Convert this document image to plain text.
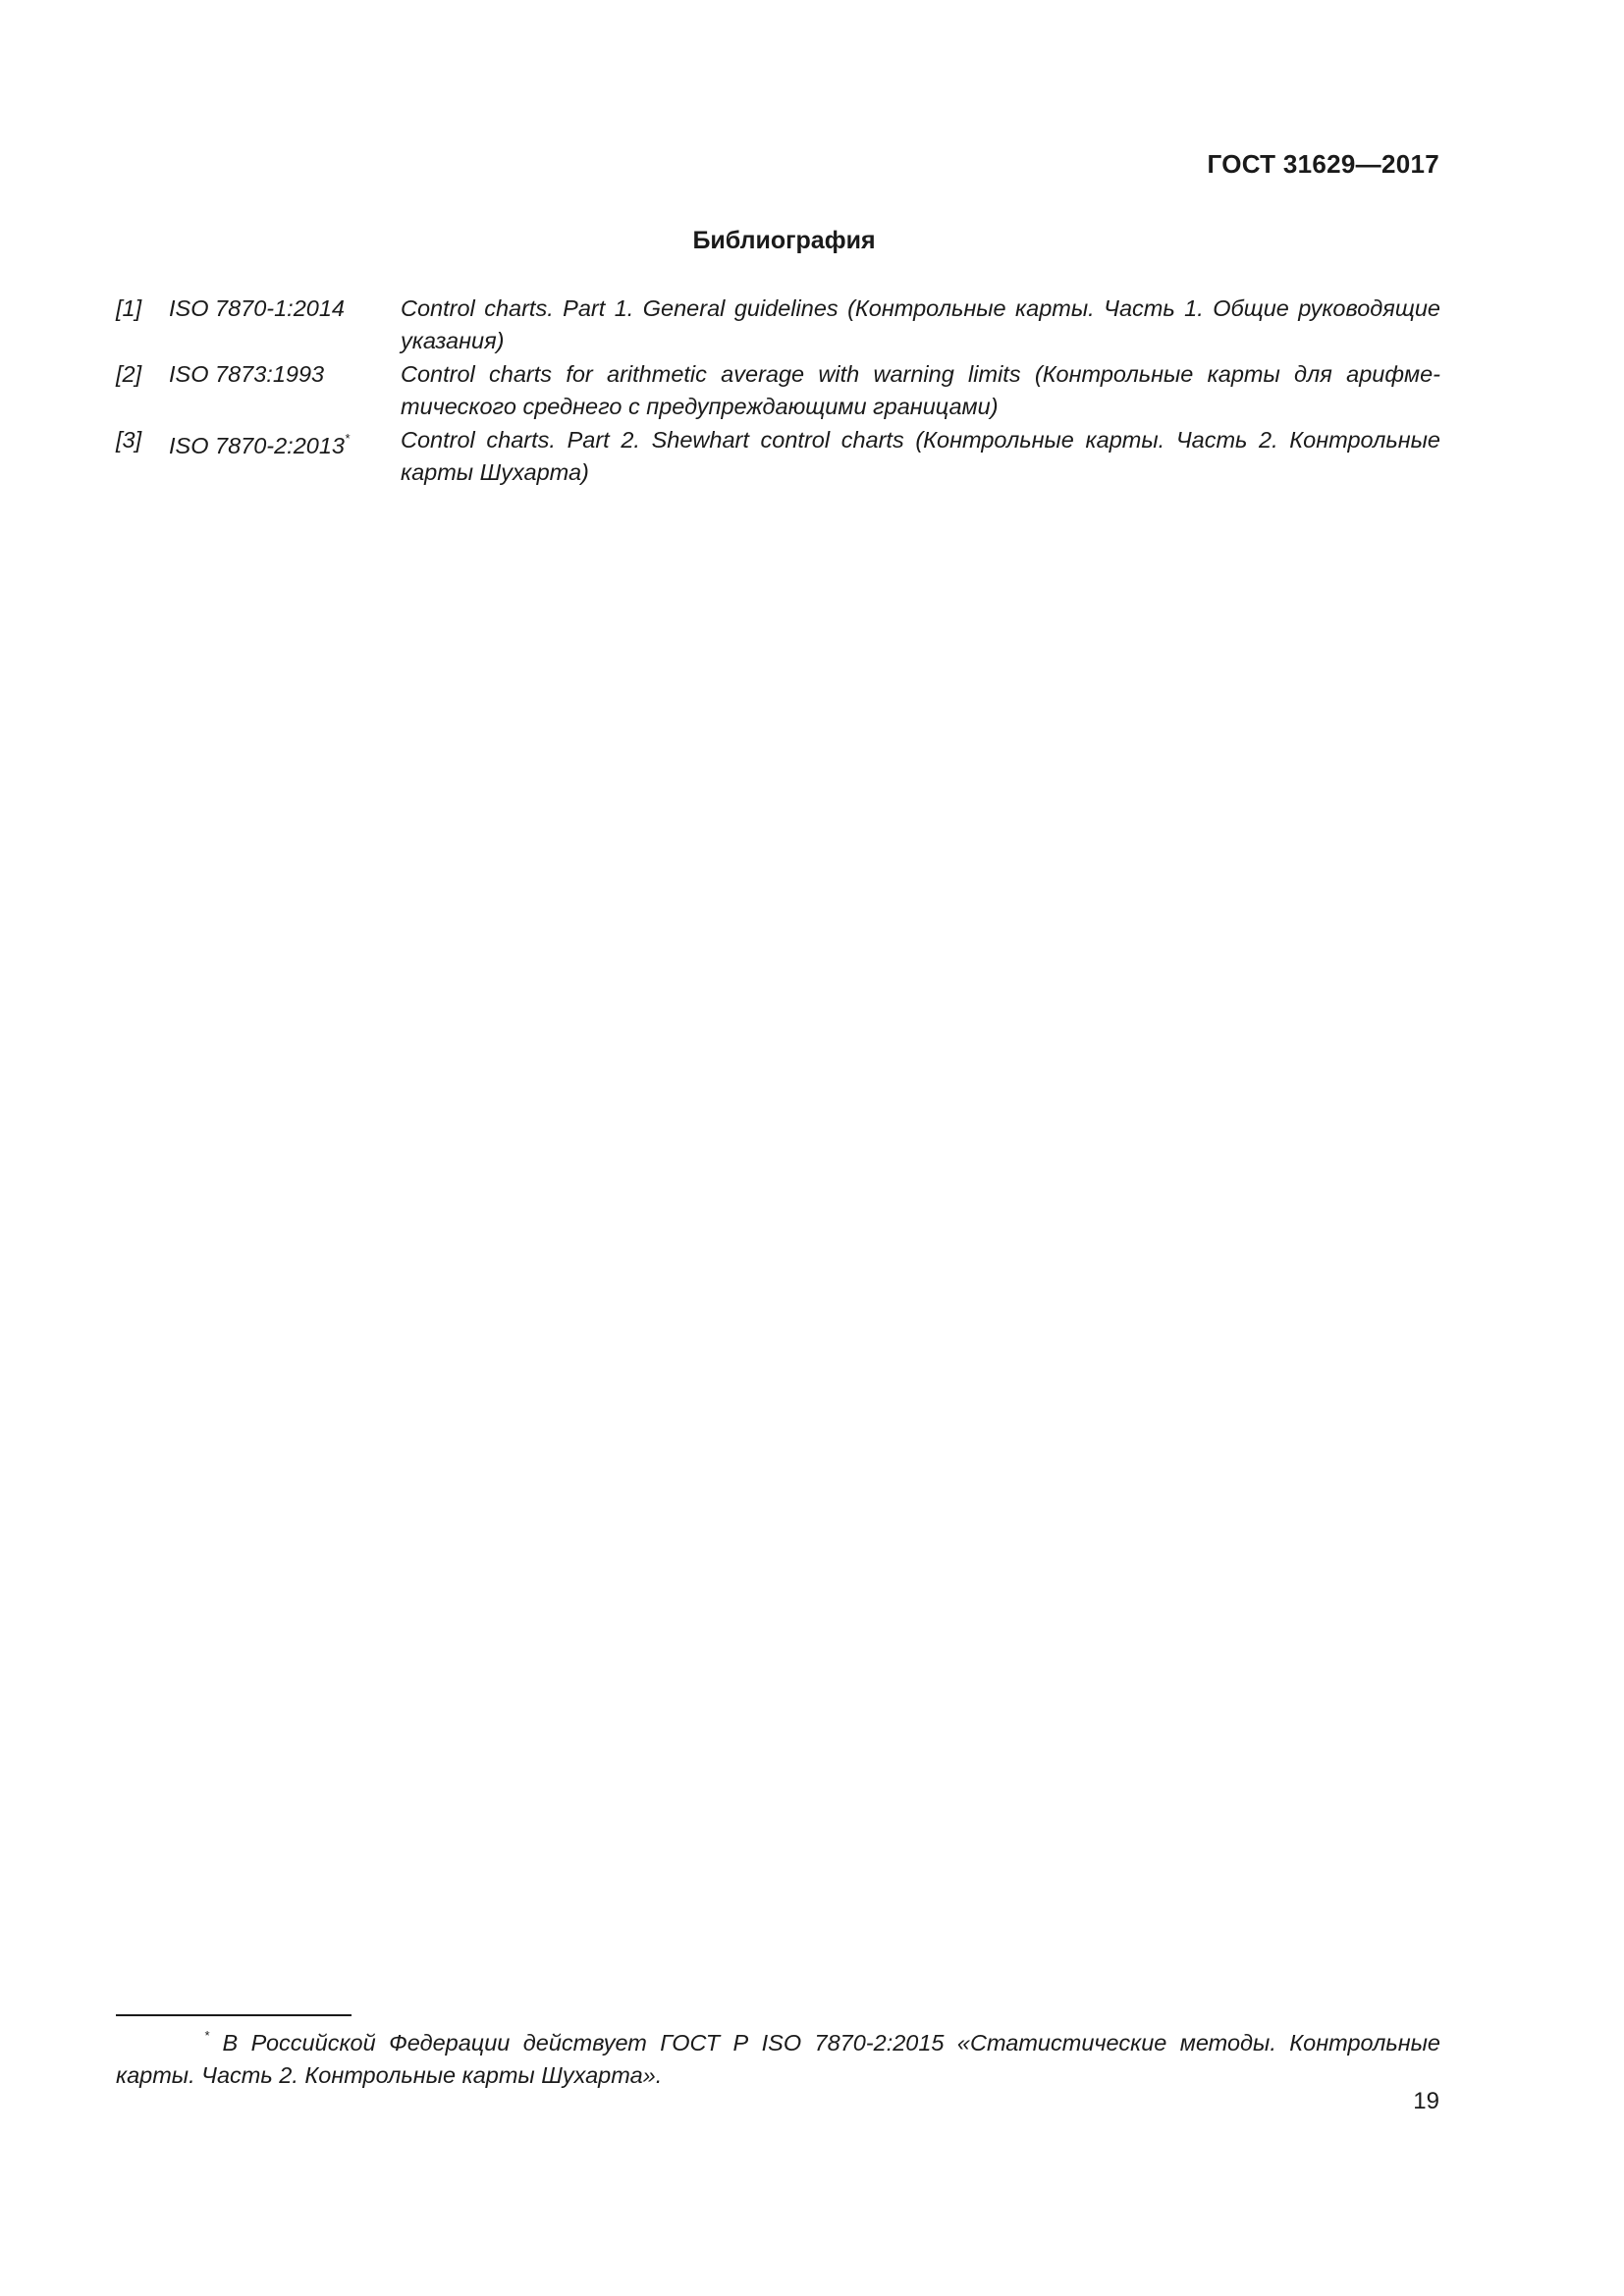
ГОСТ 31629—2017
Библиография
[1] ISO 7870-1:2014 Control charts. Part 1. General guidelines (Контрольные карты. Часть 1. Общие руководящие указания)
[2] ISO 7873:1993	Control charts for arithmetic average with warning limits (Контрольные карты для арифметического среднего с предупреждающими границами)
[3] ISO 7870-2:2013* Control charts. Part 2. Shewhart control charts (Контрольные карты. Часть 2. Контрольные карты Шухарта)
* В Российской Федерации действует ГОСТ Р ISO 7870-2:2015 «Статистические методы. Контрольные карты. Часть 2. Контрольные карты Шухарта».
19
